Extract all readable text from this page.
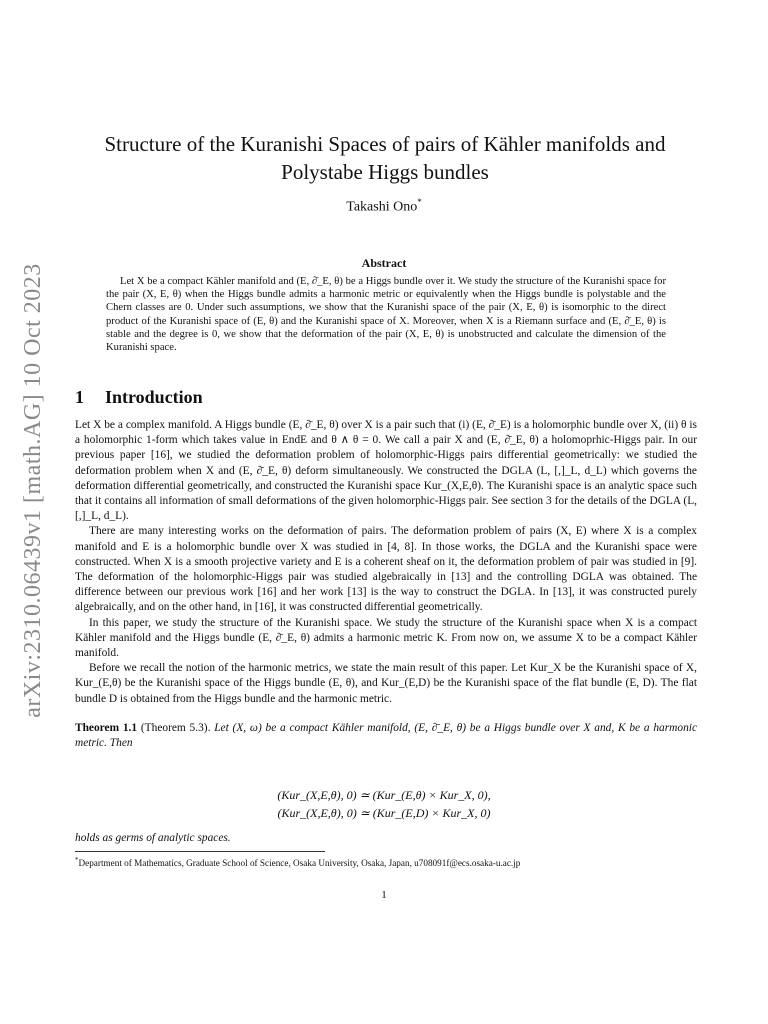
arXiv:2310.06439v1 [math.AG] 10 Oct 2023
Structure of the Kuranishi Spaces of pairs of Kähler manifolds and
Polystabe Higgs bundles
Takashi Ono*
Abstract

Let X be a compact Kähler manifold and (E, ∂̄_E, θ) be a Higgs bundle over it. We study the structure of the Kuranishi space for the pair (X, E, θ) when the Higgs bundle admits a harmonic metric or equivalently when the Higgs bundle is polystable and the Chern classes are 0. Under such assumptions, we show that the Kuranishi space of the pair (X, E, θ) is isomorphic to the direct product of the Kuranishi space of (E, θ) and the Kuranishi space of X. Moreover, when X is a Riemann surface and (E, ∂̄_E, θ) is stable and the degree is 0, we show that the deformation of the pair (X, E, θ) is unobstructed and calculate the dimension of the Kuranishi space.

1 Introduction

Let X be a complex manifold. A Higgs bundle (E, ∂̄_E, θ) over X is a pair such that (i) (E, ∂̄_E) is a holomorphic bundle over X, (ii) θ is a holomorphic 1-form which takes value in EndE and θ ∧ θ = 0. We call a pair X and (E, ∂̄_E, θ) a holomoprhic-Higgs pair. In our previous paper [16], we studied the deformation problem of holomorphic-Higgs pairs differential geometrically: we studied the deformation problem when X and (E, ∂̄_E, θ) deform simultaneously. We constructed the DGLA (L, [,]_L, d_L) which governs the deformation differential geometrically, and constructed the Kuranishi space Kur_(X,E,θ). The Kuranishi space is an analytic space such that it contains all information of small deformations of the given holomorphic-Higgs pair. See section 3 for the details of the DGLA (L, [,]_L, d_L).

There are many interesting works on the deformation of pairs. The deformation problem of pairs (X, E) where X is a complex manifold and E is a holomorphic bundle over X was studied in [4, 8]. In those works, the DGLA and the Kuranishi space were constructed. When X is a smooth projective variety and E is a coherent sheaf on it, the deformation problem of pair was studied in [9]. The deformation of the holomorphic-Higgs pair was studied algebraically in [13] and the controlling DGLA was obtained. The difference between our previous work [16] and her work [13] is the way to construct the DGLA. In [13], it was constructed purely algebraically, and on the other hand, in [16], it was constructed differential geometrically.

In this paper, we study the structure of the Kuranishi space. We study the structure of the Kuranishi space when X is a compact Kähler manifold and the Higgs bundle (E, ∂̄_E, θ) admits a harmonic metric K. From now on, we assume X to be a compact Kähler manifold.

Before we recall the notion of the harmonic metrics, we state the main result of this paper. Let Kur_X be the Kuranishi space of X, Kur_(E,θ) be the Kuranishi space of the Higgs bundle (E, θ), and Kur_(E,D) be the Kuranishi space of the flat bundle (E, D). The flat bundle D is obtained from the Higgs bundle and the harmonic metric.

Theorem 1.1 (Theorem 5.3). Let (X, ω) be a compact Kähler manifold, (E, ∂̄_E, θ) be a Higgs bundle over X and, K be a harmonic metric. Then
(Kur_(X,E,θ), 0) ≃ (Kur_(E,θ) × Kur_X, 0),
(Kur_(X,E,θ), 0) ≃ (Kur_(E,D) × Kur_X, 0)
holds as germs of analytic spaces.
*Department of Mathematics, Graduate School of Science, Osaka University, Osaka, Japan, u708091f@ecs.osaka-u.ac.jp
1
